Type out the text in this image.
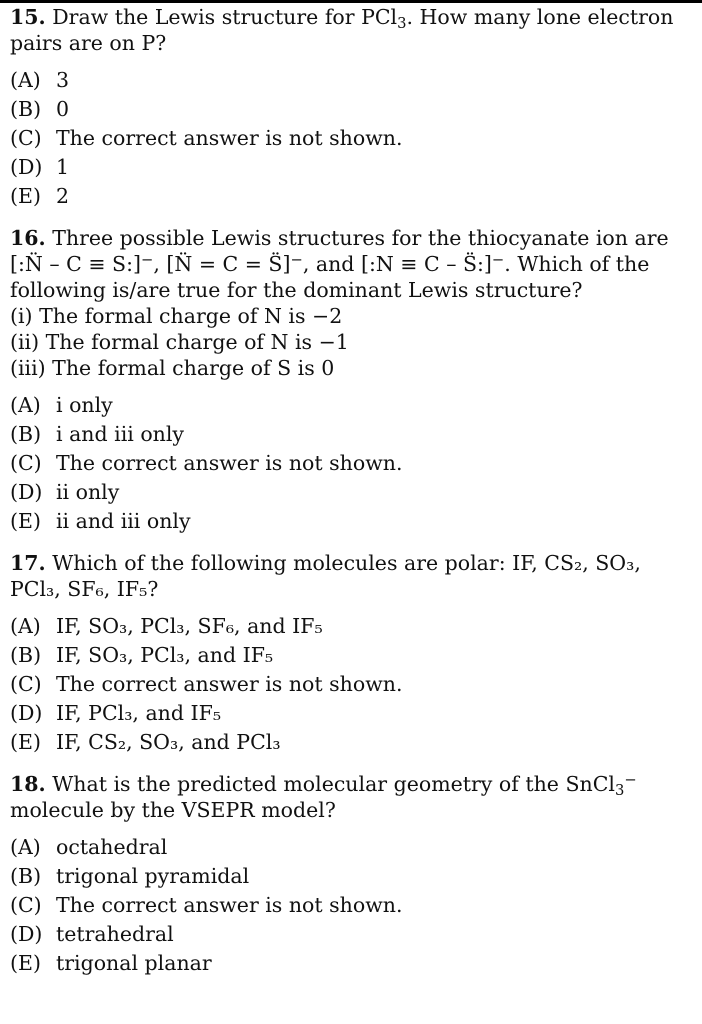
15. Draw the Lewis structure for PCl$_3$. How many lone electron pairs are on P?

(A) 3
(B) 0
(C) The correct answer is not shown.
(D) 1
(E) 2

16. Three possible Lewis structures for the thiocyanate ion are [:N̈ – C ≡ S:]−, [N̈ = C = S̈]−, and [:N ≡ C – S̈:]−. Which of the following is/are true for the dominant Lewis structure?

(i) The formal charge of N is −2

(ii) The formal charge of N is −1

(iii) The formal charge of S is 0

(A) i only
(B) i and iii only
(C) The correct answer is not shown.
(D) ii only
(E) ii and iii only

17. Which of the following molecules are polar: IF, CS₂, SO₃, PCl₃, SF₆, IF₅?

(A) IF, SO₃, PCl₃, SF₆, and IF₅
(B) IF, SO₃, PCl₃, and IF₅
(C) The correct answer is not shown.
(D) IF, PCl₃, and IF₅
(E) IF, CS₂, SO₃, and PCl₃

18. What is the predicted molecular geometry of the SnCl$_3$− molecule by the VSEPR model?

(A) octahedral
(B) trigonal pyramidal
(C) The correct answer is not shown.
(D) tetrahedral
(E) trigonal planar
